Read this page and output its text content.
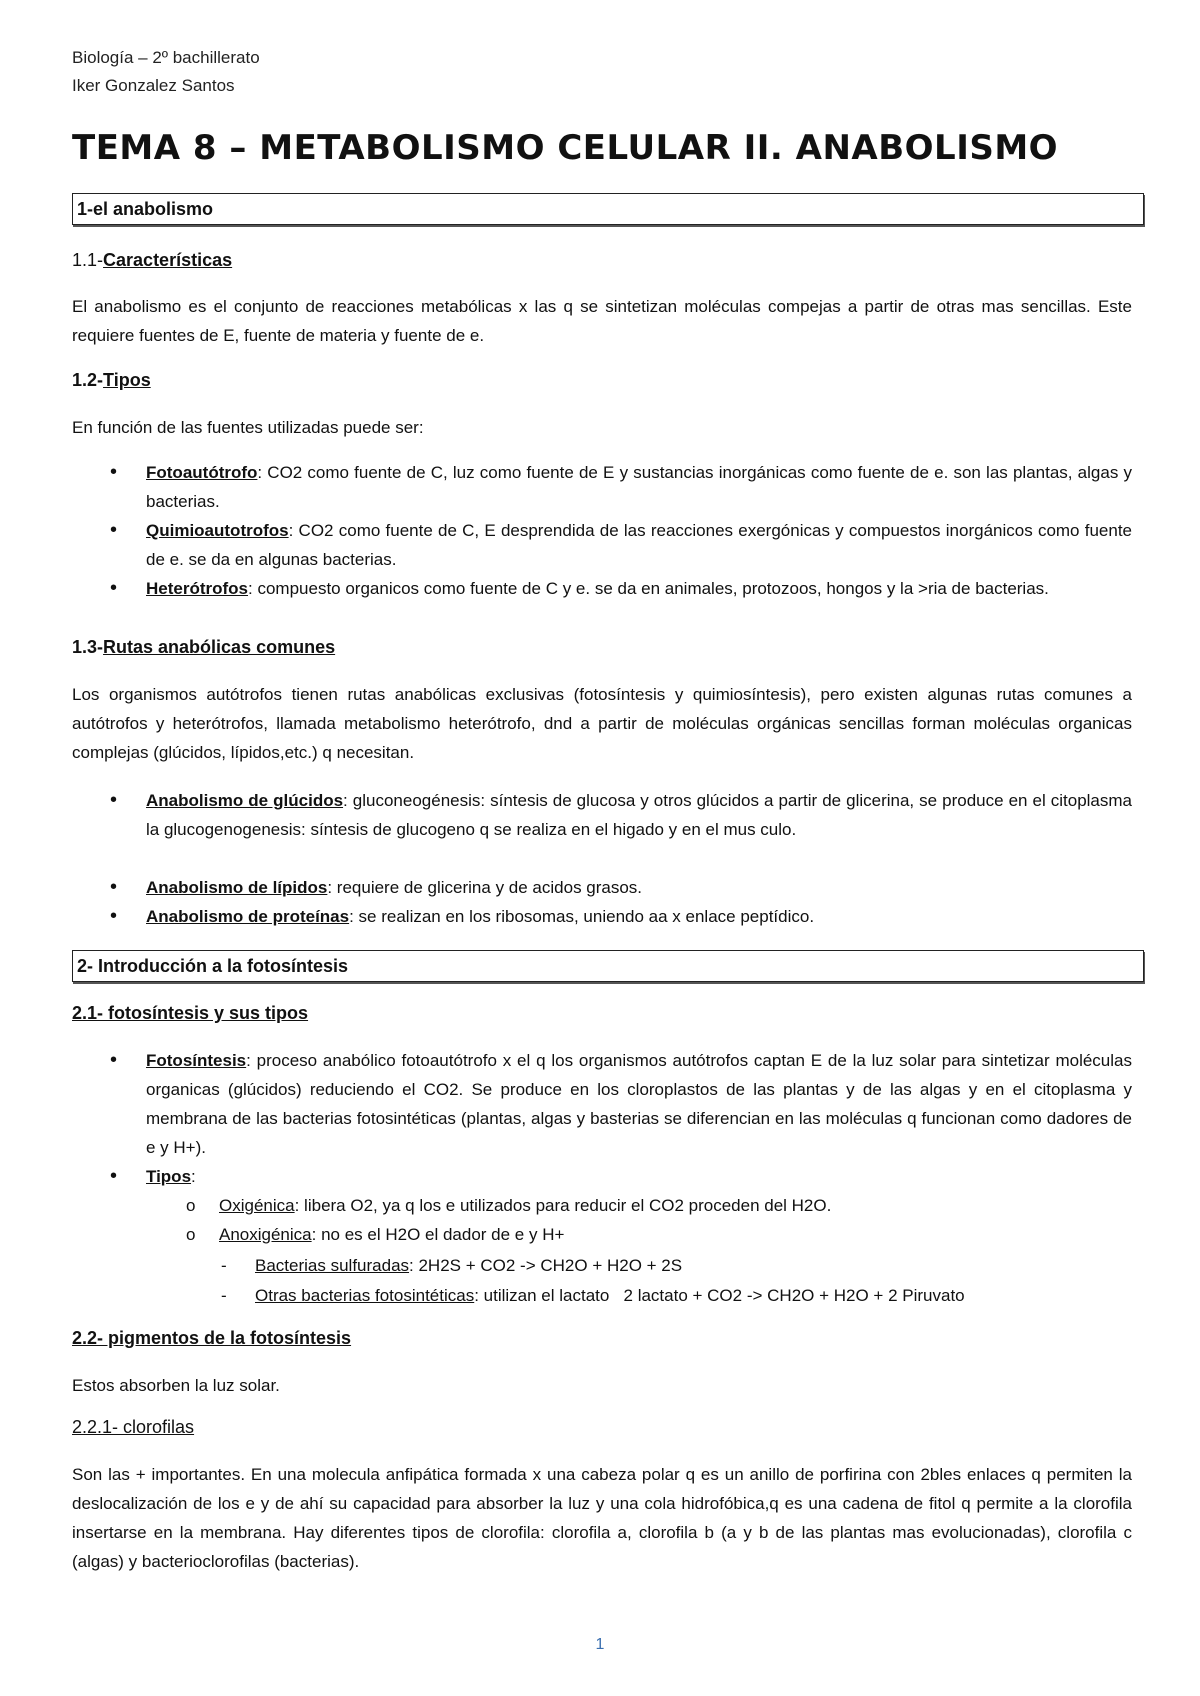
Biología – 2º bachillerato
Iker Gonzalez Santos
TEMA 8 – METABOLISMO CELULAR II. ANABOLISMO
1-el anabolismo
1.1-Características
El anabolismo es el conjunto de reacciones metabólicas x las q se sintetizan moléculas compejas a partir de otras mas sencillas. Este requiere fuentes de E, fuente de materia y fuente de e.
1.2-Tipos
En función de las fuentes utilizadas puede ser:
• Fotoautótrofo: CO2 como fuente de C, luz como fuente de E y sustancias inorgánicas como fuente de e. son las plantas, algas y bacterias.
• Quimioautotrofos: CO2 como fuente de C, E desprendida de las reacciones exergónicas y compuestos inorgánicos como fuente de e. se da en algunas bacterias.
• Heterótrofos: compuesto organicos como fuente de C y e. se da en animales, protozoos, hongos y la >ria de bacterias.
1.3-Rutas anabólicas comunes
Los organismos autótrofos tienen rutas anabólicas exclusivas (fotosíntesis y quimiosíntesis), pero existen algunas rutas comunes a autótrofos y heterótrofos, llamada metabolismo heterótrofo, dnd a partir de moléculas orgánicas sencillas forman moléculas organicas complejas (glúcidos, lípidos,etc.) q necesitan.
• Anabolismo de glúcidos: gluconeogénesis: síntesis de glucosa y otros glúcidos a partir de glicerina, se produce en el citoplasma la glucogenogenesis: síntesis de glucogeno q se realiza en el higado y en el mus culo.
• Anabolismo de lípidos: requiere de glicerina y de acidos grasos.
• Anabolismo de proteínas: se realizan en los ribosomas, uniendo aa x enlace peptídico.
2- Introducción a la fotosíntesis
2.1- fotosíntesis y sus tipos
• Fotosíntesis: proceso anabólico fotoautótrofo x el q los organismos autótrofos captan E de la luz solar para sintetizar moléculas organicas (glúcidos) reduciendo el CO2. Se produce en los cloroplastos de las plantas y de las algas y en el citoplasma y membrana de las bacterias fotosintéticas (plantas, algas y basterias se diferencian en las moléculas q funcionan como dadores de e y H+).
• Tipos:
o Oxigénica: libera O2, ya q los e utilizados para reducir el CO2 proceden del H2O.
o Anoxigénica: no es el H2O el dador de e y H+
- Bacterias sulfuradas: 2H2S + CO2 -> CH2O + H2O + 2S
- Otras bacterias fotosintéticas: utilizan el lactato   2 lactato + CO2 -> CH2O + H2O + 2 Piruvato
2.2- pigmentos de la fotosíntesis
Estos absorben la luz solar.
2.2.1- clorofilas
Son las + importantes. En una molecula anfipática formada x una cabeza polar q es un anillo de porfirina con 2bles enlaces q permiten la deslocalización de los e y de ahí su capacidad para absorber la luz y una cola hidrofóbica,q es una cadena de fitol q permite a la clorofila insertarse en la membrana. Hay diferentes tipos de clorofila: clorofila a, clorofila b (a y b de las plantas mas evolucionadas), clorofila c (algas) y bacterioclorofilas (bacterias).
1
